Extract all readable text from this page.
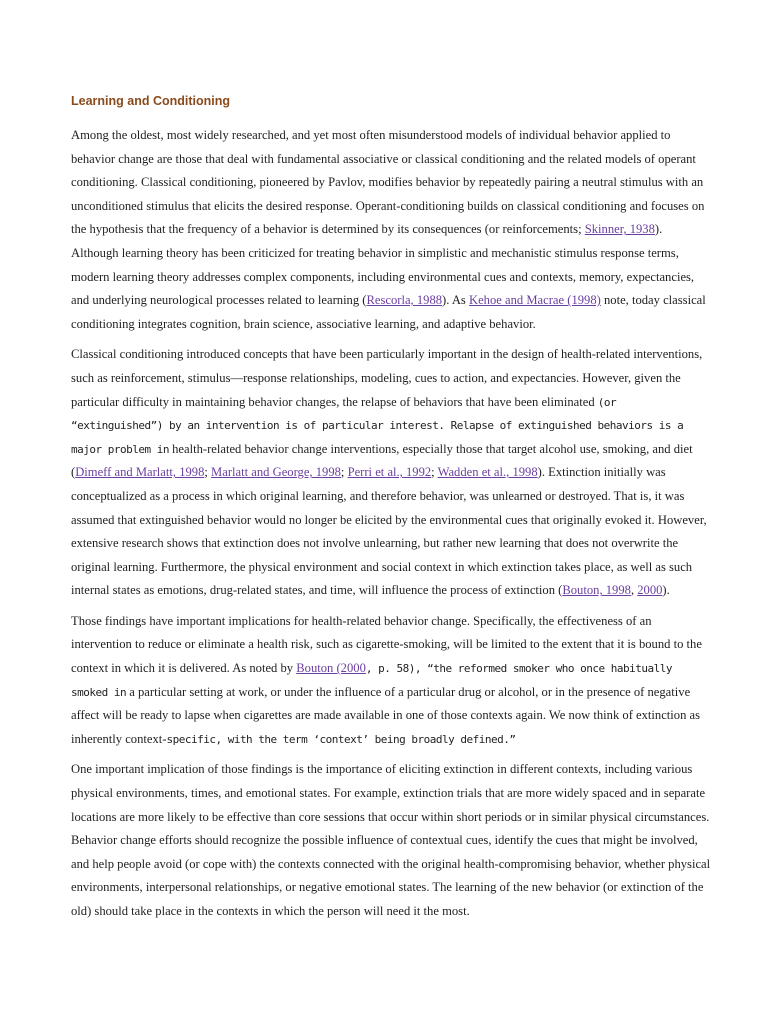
Learning and Conditioning

Among the oldest, most widely researched, and yet most often misunderstood models of individual behavior applied to behavior change are those that deal with fundamental associative or classical conditioning and the related models of operant conditioning. Classical conditioning, pioneered by Pavlov, modifies behavior by repeatedly pairing a neutral stimulus with an unconditioned stimulus that elicits the desired response. Operant-conditioning builds on classical conditioning and focuses on the hypothesis that the frequency of a behavior is determined by its consequences (or reinforcements; Skinner, 1938). Although learning theory has been criticized for treating behavior in simplistic and mechanistic stimulus response terms, modern learning theory addresses complex components, including environmental cues and contexts, memory, expectancies, and underlying neurological processes related to learning (Rescorla, 1988). As Kehoe and Macrae (1998) note, today classical conditioning integrates cognition, brain science, associative learning, and adaptive behavior.

Classical conditioning introduced concepts that have been particularly important in the design of health-related interventions, such as reinforcement, stimulus—response relationships, modeling, cues to action, and expectancies. However, given the particular difficulty in maintaining behavior changes, the relapse of behaviors that have been eliminated (or “extinguished”) by an intervention is of particular interest. Relapse of extinguished behaviors is a major problem in health-related behavior change interventions, especially those that target alcohol use, smoking, and diet (Dimeff and Marlatt, 1998; Marlatt and George, 1998; Perri et al., 1992; Wadden et al., 1998). Extinction initially was conceptualized as a process in which original learning, and therefore behavior, was unlearned or destroyed. That is, it was assumed that extinguished behavior would no longer be elicited by the environmental cues that originally evoked it. However, extensive research shows that extinction does not involve unlearning, but rather new learning that does not overwrite the original learning. Furthermore, the physical environment and social context in which extinction takes place, as well as such internal states as emotions, drug-related states, and time, will influence the process of extinction (Bouton, 1998, 2000).

Those findings have important implications for health-related behavior change. Specifically, the effectiveness of an intervention to reduce or eliminate a health risk, such as cigarette-smoking, will be limited to the extent that it is bound to the context in which it is delivered. As noted by Bouton (2000, p. 58), “the reformed smoker who once habitually smoked in a particular setting at work, or under the influence of a particular drug or alcohol, or in the presence of negative affect will be ready to lapse when cigarettes are made available in one of those contexts again. We now think of extinction as inherently context-specific, with the term ‘context’ being broadly defined.”

One important implication of those findings is the importance of eliciting extinction in different contexts, including various physical environments, times, and emotional states. For example, extinction trials that are more widely spaced and in separate locations are more likely to be effective than core sessions that occur within short periods or in similar physical circumstances. Behavior change efforts should recognize the possible influence of contextual cues, identify the cues that might be involved, and help people avoid (or cope with) the contexts connected with the original health-compromising behavior, whether physical environments, interpersonal relationships, or negative emotional states. The learning of the new behavior (or extinction of the old) should take place in the contexts in which the person will need it the most.
